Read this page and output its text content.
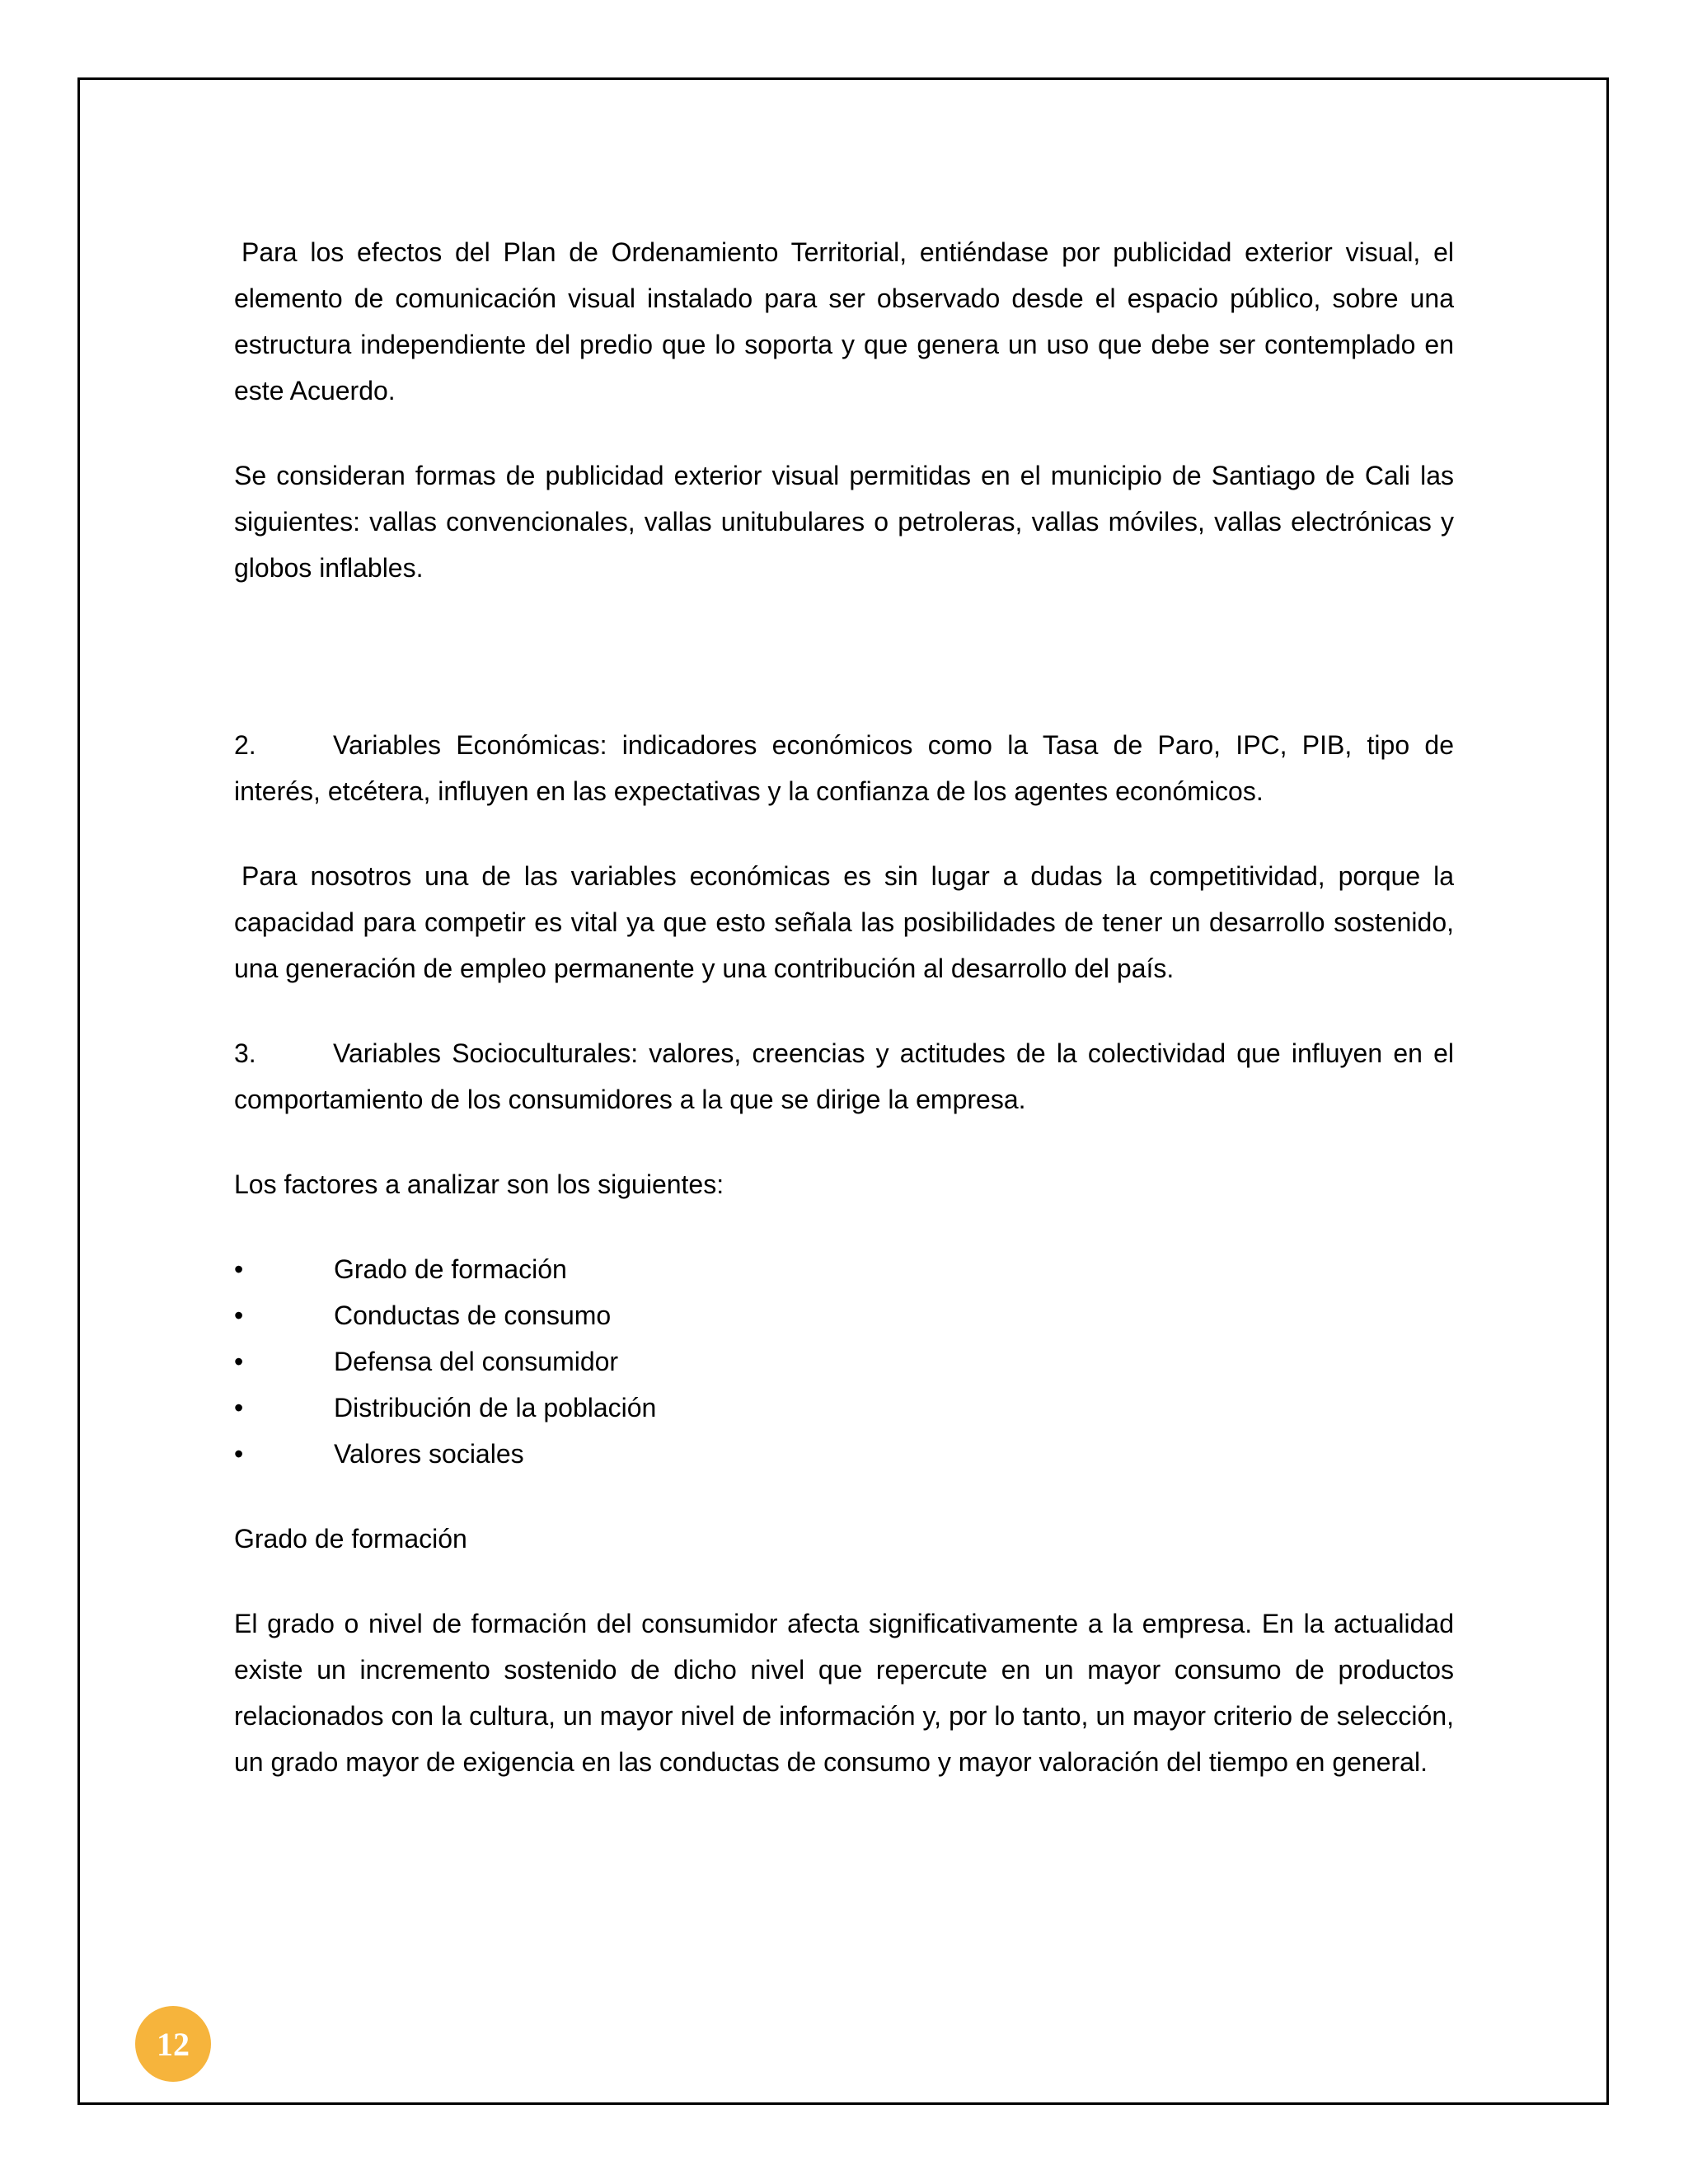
Para los efectos del Plan de Ordenamiento Territorial, entiéndase por publicidad exterior visual, el elemento de comunicación visual instalado para ser observado desde el espacio público, sobre una estructura independiente del predio que lo soporta y que genera un uso que debe ser contemplado en este Acuerdo.

Se consideran formas de publicidad exterior visual permitidas en el municipio de Santiago de Cali las siguientes: vallas convencionales, vallas unitubulares o petroleras, vallas móviles, vallas electrónicas y globos inflables.

2.	Variables Económicas: indicadores económicos como la Tasa de Paro, IPC, PIB, tipo de interés, etcétera, influyen en las expectativas y la confianza de los agentes económicos.

Para nosotros una de las variables económicas es sin lugar a dudas la competitividad, porque la capacidad para competir es vital ya que esto señala las posibilidades de tener un desarrollo sostenido, una generación de empleo permanente y una contribución al desarrollo del país.

3.	Variables Socioculturales: valores, creencias y actitudes de la colectividad que influyen en el comportamiento de los consumidores a la que se dirige la empresa.

Los factores a analizar son los siguientes:

•	Grado de formación
•	Conductas de consumo
•	Defensa del consumidor
•	Distribución de la población
•	Valores sociales

Grado de formación

El grado o nivel de formación del consumidor afecta significativamente a la empresa. En la actualidad existe un incremento sostenido de dicho nivel que repercute en un mayor consumo de productos relacionados con la cultura, un mayor nivel de información y, por lo tanto, un mayor criterio de selección, un grado mayor de exigencia en las conductas de consumo y mayor valoración del tiempo en general.

12
